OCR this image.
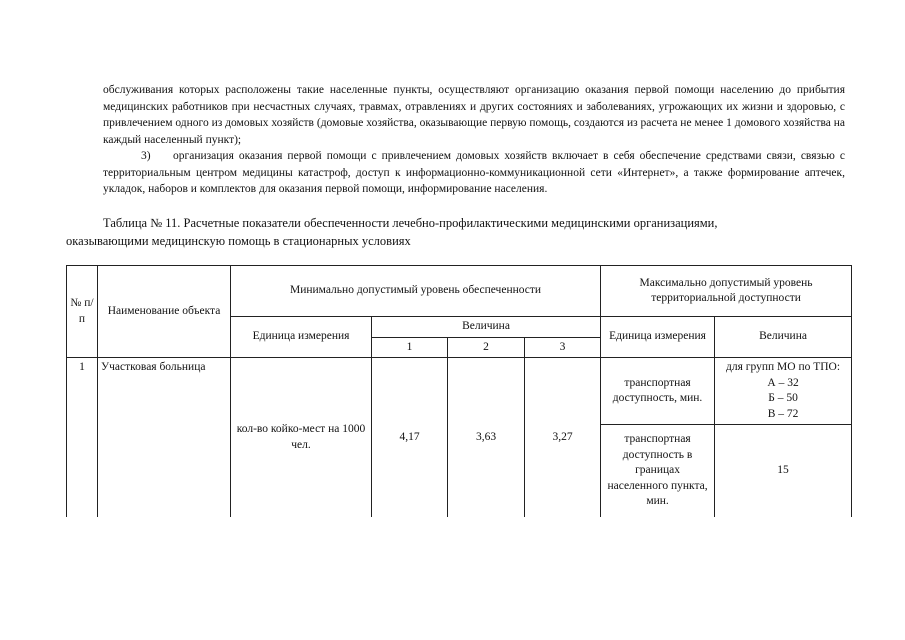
обслуживания которых расположены такие населенные пункты, осуществляют организацию оказания первой помощи населению до прибытия медицинских работников при несчастных случаях, травмах, отравлениях и других состояниях и заболеваниях, угрожающих их жизни и здоровью, с привлечением одного из домовых хозяйств (домовые хозяйства, оказывающие первую помощь, создаются из расчета не менее 1 домового хозяйства на каждый населенный пункт);
3) организация оказания первой помощи с привлечением домовых хозяйств включает в себя обеспечение средствами связи, связью с территориальным центром медицины катастроф, доступ к информационно-коммуникационной сети «Интернет», а также формирование аптечек, укладок, наборов и комплектов для оказания первой помощи, информирование населения.
Таблица № 11. Расчетные показатели обеспеченности лечебно-профилактическими медицинскими организациями,
оказывающими медицинскую помощь в стационарных условиях
№ п/п	Наименование объекта	Минимально допустимый уровень обеспеченности				Максимально допустимый уровень территориальной доступности	
		Единица измерения	Величина			Единица измерения	Величина
			1	2	3		
1	Участковая больница	кол-во койко-мест на 1000 чел.	4,17	3,63	3,27	транспортная доступность, мин.	для групп МО по ТПО:
А – 32
Б – 50
В – 72

						транспортная доступность в границах населенного пункта, мин.	15
